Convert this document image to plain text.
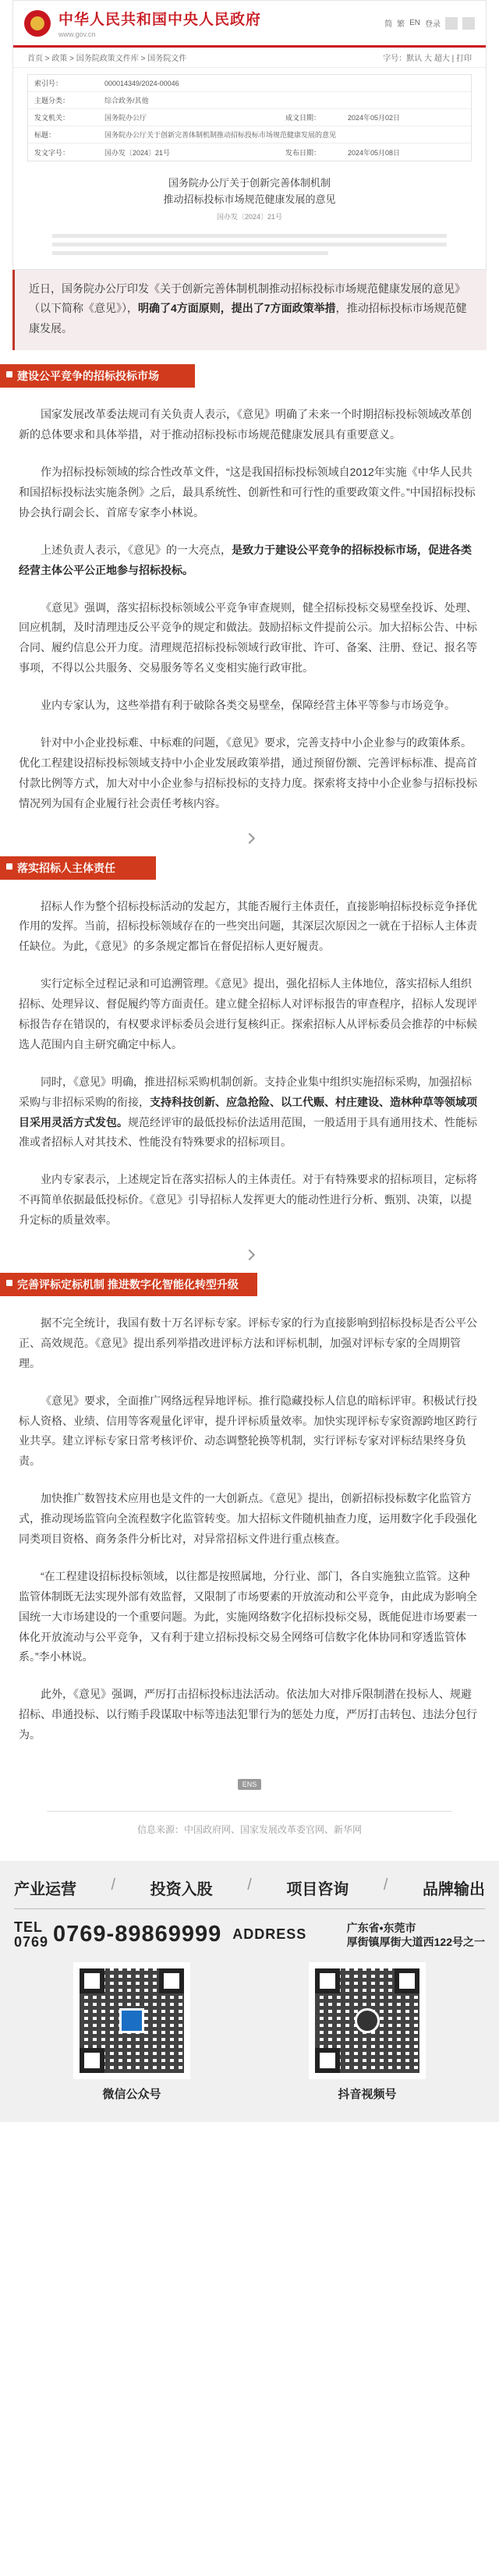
中华人民共和国中央人民政府
www.gov.cn
简 繁 EN 登录
首页 > 政策 > 国务院政策文件库 > 国务院文件	字号：默认 大 超大 | 打印
索引号：	000014349/2024-00046
主题分类：	综合政务/其他
发文机关：	国务院办公厅	成文日期：	2024年05月02日
标题：	国务院办公厅关于创新完善体制机制推动招标投标市场规范健康发展的意见
发文字号：	国办发〔2024〕21号	发布日期：	2024年05月08日
国务院办公厅关于创新完善体制机制
推动招标投标市场规范健康发展的意见
国办发〔2024〕21号
近日，国务院办公厅印发《关于创新完善体制机制推动招标投标市场规范健康发展的意见》（以下简称《意见》），明确了4方面原则，提出了7方面政策举措，推动招标投标市场规范健康发展。
建设公平竞争的招标投标市场

国家发展改革委法规司有关负责人表示，《意见》明确了未来一个时期招标投标领域改革创新的总体要求和具体举措，对于推动招标投标市场规范健康发展具有重要意义。

作为招标投标领域的综合性改革文件，“这是我国招标投标领域自2012年实施《中华人民共和国招标投标法实施条例》之后，最具系统性、创新性和可行性的重要政策文件。”中国招标投标协会执行副会长、首席专家李小林说。

上述负责人表示，《意见》的一大亮点，是致力于建设公平竞争的招标投标市场，促进各类经营主体公平公正地参与招标投标。

《意见》强调，落实招标投标领域公平竞争审查规则，健全招标投标交易壁垒投诉、处理、回应机制，及时清理违反公平竞争的规定和做法。鼓励招标文件提前公示。加大招标公告、中标合同、履约信息公开力度。清理规范招标投标领域行政审批、许可、备案、注册、登记、报名等事项，不得以公共服务、交易服务等名义变相实施行政审批。

业内专家认为，这些举措有利于破除各类交易壁垒，保障经营主体平等参与市场竞争。

针对中小企业投标难、中标难的问题，《意见》要求，完善支持中小企业参与的政策体系。优化工程建设招标投标领域支持中小企业发展政策举措，通过预留份额、完善评标标准、提高首付款比例等方式，加大对中小企业参与招标投标的支持力度。探索将支持中小企业参与招标投标情况列为国有企业履行社会责任考核内容。

落实招标人主体责任

招标人作为整个招标投标活动的发起方，其能否履行主体责任，直接影响招标投标竞争择优作用的发挥。当前，招标投标领域存在的一些突出问题，其深层次原因之一就在于招标人主体责任缺位。为此，《意见》的多条规定都旨在督促招标人更好履责。

实行定标全过程记录和可追溯管理。《意见》提出，强化招标人主体地位，落实招标人组织招标、处理异议、督促履约等方面责任。建立健全招标人对评标报告的审查程序，招标人发现评标报告存在错误的，有权要求评标委员会进行复核纠正。探索招标人从评标委员会推荐的中标候选人范围内自主研究确定中标人。

同时，《意见》明确，推进招标采购机制创新。支持企业集中组织实施招标采购，加强招标采购与非招标采购的衔接，支持科技创新、应急抢险、以工代赈、村庄建设、造林种草等领域项目采用灵活方式发包。规范经评审的最低投标价法适用范围，一般适用于具有通用技术、性能标准或者招标人对其技术、性能没有特殊要求的招标项目。

业内专家表示，上述规定旨在落实招标人的主体责任。对于有特殊要求的招标项目，定标将不再简单依据最低投标价。《意见》引导招标人发挥更大的能动性进行分析、甄别、决策，以提升定标的质量效率。

完善评标定标机制 推进数字化智能化转型升级

据不完全统计，我国有数十万名评标专家。评标专家的行为直接影响到招标投标是否公平公正、高效规范。《意见》提出系列举措改进评标方法和评标机制，加强对评标专家的全周期管理。

《意见》要求，全面推广网络远程异地评标。推行隐藏投标人信息的暗标评审。积极试行投标人资格、业绩、信用等客观量化评审，提升评标质量效率。加快实现评标专家资源跨地区跨行业共享。建立评标专家日常考核评价、动态调整轮换等机制，实行评标专家对评标结果终身负责。

加快推广数智技术应用也是文件的一大创新点。《意见》提出，创新招标投标数字化监管方式，推动现场监管向全流程数字化监管转变。加大招标文件随机抽查力度，运用数字化手段强化同类项目资格、商务条件分析比对，对异常招标文件进行重点核查。

“在工程建设招标投标领域，以往都是按照属地，分行业、部门，各自实施独立监管。这种监管体制既无法实现外部有效监督，又限制了市场要素的开放流动和公平竞争，由此成为影响全国统一大市场建设的一个重要问题。为此，实施网络数字化招标投标交易，既能促进市场要素一体化开放流动与公平竞争，又有利于建立招标投标交易全网络可信数字化体协同和穿透监管体系。”李小林说。

此外，《意见》强调，严厉打击招标投标违法活动。依法加大对排斥限制潜在投标人、规避招标、串通投标、以行贿手段谋取中标等违法犯罪行为的惩处力度，严厉打击转包、违法分包行为。

ENS
信息来源：中国政府网、国家发展改革委官网、新华网
产业运营 / 投资入股 / 项目咨询 / 品牌输出
TEL
0769 0769-89869999 ADDRESS	广东省•东莞市
厚街镇厚街大道西122号之一
微信公众号	抖音视频号
